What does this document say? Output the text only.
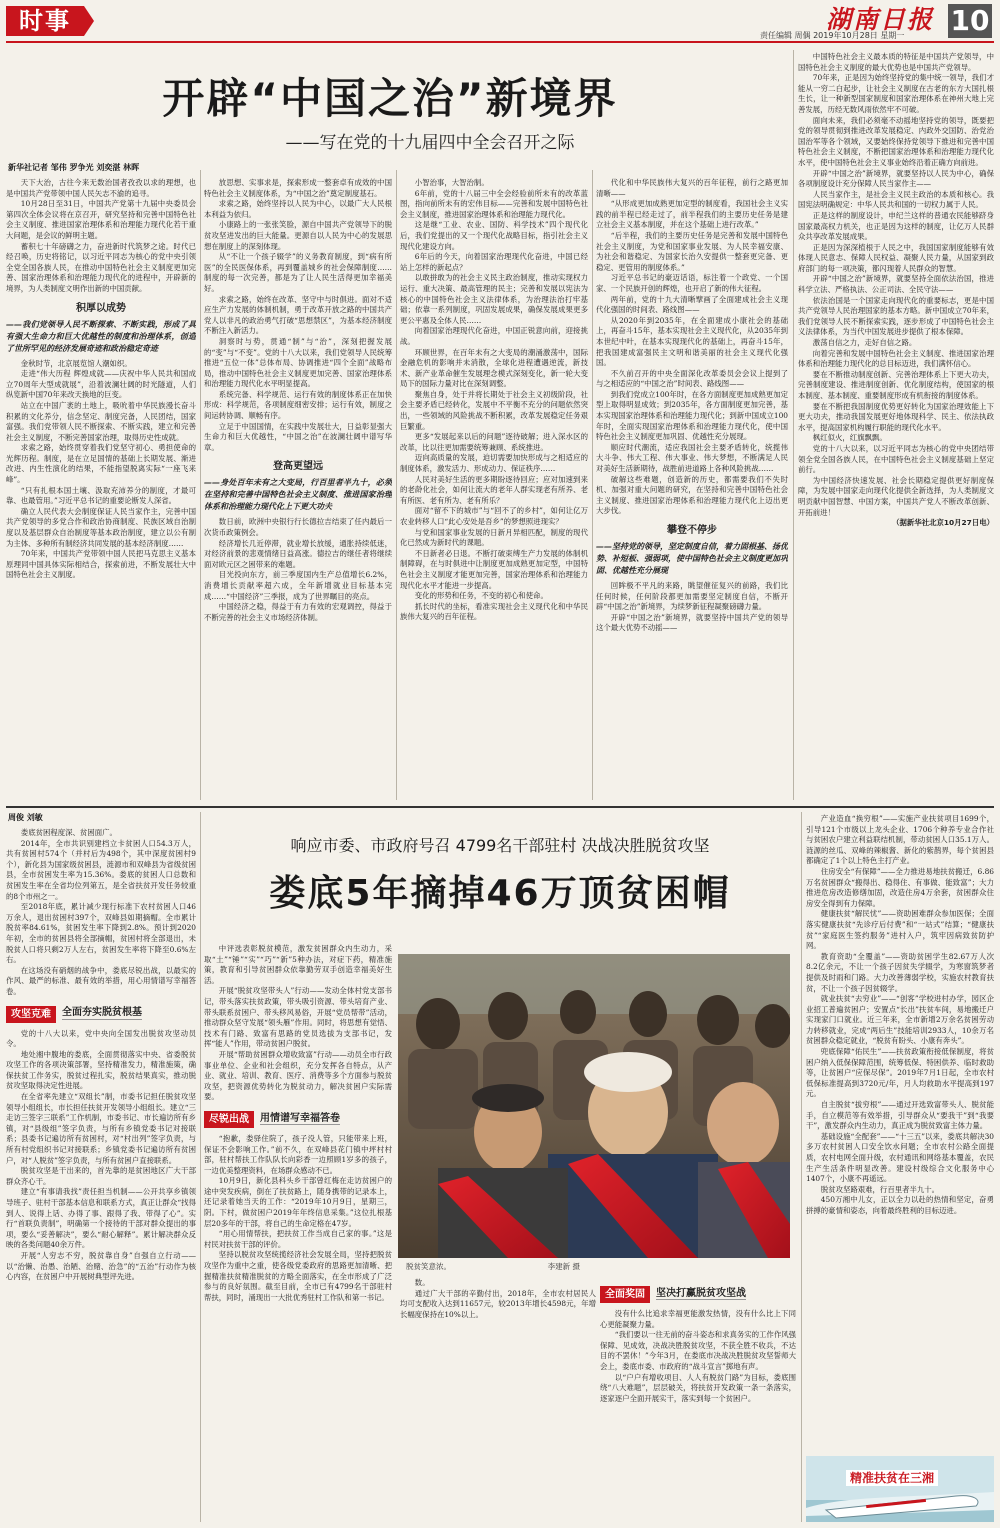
时事	湖南日报 10
责任编辑 周偶 2019年10月28日 星期一
开辟“中国之治”新境界
——写在党的十九届四中全会召开之际
新华社记者 邹伟 罗争光 刘奕湛 林晖

天下大治，古往今来无数治国者孜孜以求的理想，也是中国共产党带领中国人民矢志不渝的追寻。

10月28日至31日，中国共产党第十九届中央委员会第四次全体会议将在京召开，研究坚持和完善中国特色社会主义制度、推进国家治理体系和治理能力现代化若干重大问题，是会议的鲜明主题。

蓄积七十年磅礴之力，奋进新时代筑梦之途。时代已经召唤，历史将铭记，以习近平同志为核心的党中央引领全党全国各族人民，在推动中国特色社会主义制度更加完善、国家治理体系和治理能力现代化的进程中，开辟新的境界，为人类制度文明作出新的中国贡献。

积厚以成势

——我们党领导人民不断探索、不断实践，形成了具有强大生命力和巨大优越性的制度和治理体系，创造了世所罕见的经济发展奇迹和政治稳定奇迹

金秋时节，北京展览馆人潮如织。

走进“伟大历程 辉煌成就——庆祝中华人民共和国成立70周年大型成就展”，沿着波澜壮阔的时光隧道，人们纵览新中国70年来改天换地的巨变。

站立在中国广袤的土地上，吸吮着中华民族漫长奋斗积累的文化养分，信念坚定、制度完备，人民团结，国家富强。我们党带领人民不断探索、不断实践，建立和完善社会主义制度，不断完善国家治理，取得历史性成就。

求索之路，始终贯穿着我们党坚守初心、勇担使命的光辉历程。制度，是在立足国情的基础上长期发展、渐进改进、内生性演化的结果，不能指望脱离实际“一座飞来峰”。

“只有扎根本国土壤、汲取充沛养分的制度，才最可靠、也最管用。”习近平总书记的重要论断发人深省。

确立人民代表大会制度保证人民当家作主，完善中国共产党领导的多党合作和政治协商制度、民族区域自治制度以及基层群众自治制度等基本政治制度，建立以公有制为主体、多种所有制经济共同发展的基本经济制度……

70年来，中国共产党带领中国人民把马克思主义基本原理同中国具体实际相结合，探索前进，不断发展壮大中国特色社会主义制度。

放思想、实事求是，探索形成一整套卓有成效的中国特色社会主义制度体系，为“中国之治”奠定制度基石。

求索之路，始终坚持以人民为中心，以最广大人民根本利益为依归。

小康路上的一张张笑脸，源自中国共产党领导下的脱贫攻坚进发出的巨大能量。更源自以人民为中心的发展思想在制度上的深刻体现。

从“不让一个孩子辍学”的义务教育制度，到“病有所医”的全民医保体系，再到覆盖城乡的社会保障制度……制度的每一次完善，都是为了让人民生活得更加幸福美好。

求索之路，始终在改革、坚守中与时俱进。面对不适应生产力发展的体制机制，勇于改革开放之路的中国共产党人以非凡的政治勇气打破“思想禁区”，为基本经济制度不断注入新活力。

洞察时与势，贯通“制”与“治”，深刻把握发展的“变”与“不变”。党的十八大以来，我们党领导人民统筹推进“五位一体”总体布局、协调推进“四个全面”战略布局，推动中国特色社会主义制度更加完善、国家治理体系和治理能力现代化水平明显提高。

系统完备、科学规范、运行有效的制度体系正在加快形成：科学规范，各项制度细密安排；运行有效，制度之间运转协调、顺畅有序。

立足于中国国情，在实践中发展壮大，日益彰显强大生命力和巨大优越性，“中国之治”在波澜壮阔中谱写华章。

登高更望远

——身处百年未有之大变局，行百里者半九十，必须在坚持和完善中国特色社会主义制度、推进国家治理体系和治理能力现代化上下更大功夫

数日前，欧洲中央银行行长德拉吉结束了任内最后一次货币政策例会。

经济增长几近停滞，就业增长放缓，通胀持续低迷，对经济前景的悲观情绪日益高涨。德拉吉的继任者将继续面对欧元区之困带来的难题。

目光投向东方，前三季度国内生产总值增长6.2%，消费增长贡献率超六成，全年新增就业目标基本完成……“中国经济”三季报，成为了世界瞩目的亮点。

中国经济之稳，得益于有力有效的宏观调控，得益于不断完善的社会主义市场经济体制。

小智治事，大智治制。

6年前，党的十八届三中全会经验前所未有的改革蓝图，指向前所未有的宏伟目标——完善和发展中国特色社会主义制度，推进国家治理体系和治理能力现代化。

这是继“工业、农业、国防、科学技术”四个现代化后，我们党提出的又一个现代化战略目标，指引社会主义现代化建设方向。

6年后的今天，向着国家治理现代化奋进，中国已经站上怎样的新起点？

以敢拼敢为的社会主义民主政治制度，推动实现权力运行、重大决策、最高管理的民主；完善和发展以宪法为核心的中国特色社会主义法律体系，为治理法治打牢基础；依靠一系列制度，巩固发展成果，确保发展成果更多更公平惠及全体人民……

向着国家治理现代化奋进，中国正锐意向前，迎接挑战。

环顾世界，在百年未有之大变局的潮涌激荡中，国际金融危机的影响并未消散，全球化进程遭遇逆流，新技术、新产业革命催生发展理念模式深刻变化，新一轮大变局下的国际力量对比在深刻调整。

聚焦自身，处于并将长期处于社会主义初级阶段，社会主要矛盾已经转化，发展中不平衡不充分的问题依然突出，一些领域的风险挑战不断积累，改革发展稳定任务艰巨繁重。

更多“发展起来以后的问题”逐待破解；进入深水区的改革，比以往更加需要统筹兼顾、系统推进。

迈向高质量的发展，迫切需要加快形成与之相适应的制度体系，激发活力、形成动力、保证秩序……

人民对美好生活的更多期盼逐待回应；应对加速到来的老龄化社会，如何让流大的老年人群实现老有所养、老有所医、老有所为、老有所乐？

面对“留不下的城市”与“回不了的乡村”，如何让亿万农业转移人口“此心安处是吾乡”的梦想照进现实？

与党和国家事业发展的日新月异相匹配，制度的现代化已然成为新时代的课题。

不日新者必日退。不断打破束缚生产力发展的体制机制障碍，在与时俱进中让制度更加成熟更加定型，中国特色社会主义制度才能更加完善，国家治理体系和治理能力现代化水平才能进一步提高。

变化的形势和任务，不变的初心和使命。

抓长时代的坐标，看准实现社会主义现代化和中华民族伟大复兴的百年征程。

代化和中华民族伟大复兴的百年征程，前行之路更加清晰——

“从形成更加成熟更加定型的制度看，我国社会主义实践的前半程已经走过了，前半程我们的主要历史任务是建立社会主义基本制度，并在这个基础上进行改革。”

“后半程，我们的主要历史任务是完善和发展中国特色社会主义制度，为党和国家事业发展、为人民幸福安康、为社会和谐稳定、为国家长治久安提供一整套更完备、更稳定、更管用的制度体系。”

习近平总书记的豪迈话语，标注着一个政党、一个国家、一个民族开创的辉煌，也开启了新的伟大征程。

两年前，党的十九大清晰擘画了全面建成社会主义现代化强国的时间表、路线图——

从2020年到2035年，在全面建成小康社会的基础上，再奋斗15年，基本实现社会主义现代化，从2035年到本世纪中叶，在基本实现现代化的基础上，再奋斗15年，把我国建成富强民主文明和谐美丽的社会主义现代化强国。

不久前召开的中央全面深化改革委员会会议上提到了与之相适应的“中国之治”时间表、路线图——

到我们党成立100年时，在各方面制度更加成熟更加定型上取得明显成效；到2035年，各方面制度更加完善，基本实现国家治理体系和治理能力现代化；到新中国成立100年时，全面实现国家治理体系和治理能力现代化，使中国特色社会主义制度更加巩固、优越性充分展现。

顺应时代潮流，适应我国社会主要矛盾转化，统揽伟大斗争、伟大工程、伟大事业、伟大梦想，不断满足人民对美好生活新期待，战胜前进道路上各种风险挑战……

破解这些难题，创造新的历史，都需要我们不失时机、加强对重大问题的研究，在坚持和完善中国特色社会主义制度、推进国家治理体系和治理能力现代化上迈出更大步伐。

攀登不停步

——坚持党的领导，坚定制度自信，着力固根基、扬优势、补短板、强弱项，使中国特色社会主义制度更加巩固、优越性充分展现

回眸极不平凡的来路，眺望催征复兴的前路，我们比任何时候，任何阶段都更加需要坚定制度自信，不断开辟“中国之治”新境界，为续梦新征程凝聚磅礴力量。

开辟“中国之治”新境界，就要坚持中国共产党的领导这个最大优势不动摇——

中国特色社会主义最本质的特征是中国共产党领导，中国特色社会主义制度的最大优势也是中国共产党领导。

70年来，正是因为始终坚持党的集中统一领导，我们才能从一穷二白起步，让社会主义制度在古老的东方大国扎根生长，让一种新型国家制度和国家治理体系在神州大地上完善发展，历经无数风雨依然牢不可破。

面向未来，我们必须毫不动摇地坚持党的领导，既要把党的领导贯彻到推进改革发展稳定、内政外交国防、治党治国治军等各个领域，又要始终保持党领导下推进和完善中国特色社会主义制度，不断把国家治理体系和治理能力现代化水平，使中国特色社会主义事业始终沿着正确方向前进。

开辟“中国之治”新境界，就要坚持以人民为中心，确保各项制度设计充分保障人民当家作主——

人民当家作主，是社会主义民主政治的本质和核心。我国宪法明确规定：中华人民共和国的一切权力属于人民。

正是这样的制度设计，申纪兰这样的普通农民能够跻身国家最高权力机关，也正是因为这样的制度，让亿万人民群众共享改革发展成果。

正是因为深深植根于人民之中，我国国家制度能够有效体现人民意志、保障人民权益、凝聚人民力量，从国家到政府部门的每一项决策，都闪现着人民群众的智慧。

开辟“中国之治”新境界，就要坚持全面依法治国，推进科学立法、严格执法、公正司法、全民守法——

依法治国是一个国家走向现代化的重要标志，更是中国共产党领导人民治理国家的基本方略。新中国成立70年来，我们党领导人民不断探索实践，逐步形成了中国特色社会主义法律体系，为当代中国发展进步提供了根本保障。

激荡自信之力，走好自信之路。

向着完善和发展中国特色社会主义制度、推进国家治理体系和治理能力现代化的总目标迈进，我们满怀信心。

要在不断推动制度创新、完善治理体系上下更大功夫，完善制度建设、推进制度创新、优化制度结构，使国家的根本制度、基本制度、重要制度形成有机衔接的制度体系。

要在不断把我国制度优势更好转化为国家治理效能上下更大功夫，推动我国发展更好地体现科学、民主、依法执政水平，提高国家机构履行职能的现代化水平。

枫红似火，红旗飘飘。

党的十八大以来，以习近平同志为核心的党中央团结带领全党全国各族人民，在中国特色社会主义制度基础上坚定前行。

为中国经济快速发展、社会长期稳定提供更好制度保障，为发展中国家走向现代化提供全新选择，为人类制度文明贡献中国智慧、中国方案，中国共产党人不断改革创新、开拓前进！

（据新华社北京10月27日电）

周俊 刘敏
响应市委、市政府号召 4799名干部驻村 决战决胜脱贫攻坚
娄底5年摘掉46万顶贫困帽

娄底贫困程度深、贫困面广。

2014年，全市共识别建档立卡贫困人口54.3万人，共有贫困村574个（并村后为498个，其中深度贫困村9个），新化县为国家级贫困县，涟源市和双峰县为省级贫困县，全市贫困发生率为15.36%。娄底的贫困人口总数和贫困发生率在全省均位列第五，是全省扶贫开发任务较重的8个市州之一。

至2018年底，累计减少现行标准下农村贫困人口46万余人，退出贫困村397个，双峰县如期摘帽。全市累计脱贫率84.61%，贫困发生率下降到2.8%。预计到2020年初，全市的贫困县将全部摘帽，贫困村将全部退出，未脱贫人口将只剩2万人左右，贫困发生率将下降至0.6%左右。

在这场没有硝烟的战争中，娄底尽锐出战，以最实的作风、最严的标准、最有效的举措，用心用情谱写幸福答卷。

攻坚克难	全面夯实脱贫根基

党的十八大以来，党中央向全国发出脱贫攻坚动员令。

地处湘中腹地的娄底，全面贯彻落实中央、省委脱贫攻坚工作的各项决策部署，坚持精准发力，精准施策，确保扶贫工作务实，脱贫过程扎实，脱贫结果真实，推动脱贫攻坚取得决定性进展。

在全省率先建立“双组长”制，市委书记担任脱贫攻坚领导小组组长，市长担任扶贫开发领导小组组长。建立“三走访三签字三联系”工作机制，市委书记、市长遍访所有乡镇，对“县级组”签字负责，与所有乡镇党委书记对接联系；县委书记遍访所有贫困村，对“村出列”签字负责，与所有村党组织书记对接联系；乡镇党委书记遍访所有贫困户，对“人脱贫”签字负责，与所有贫困户直接联系。

脱贫攻坚是干出来的，首先靠的是贫困地区广大干部群众齐心干。

建立“有事请我找”责任担当机制——公开共享乡镇领导班子、驻村干部基本信息和联系方式，真正让群众“找得到人、说得上话、办得了事、跟得了我、带得了心”。实行“首联负责制”，明确第一个接待的干部对群众提出的事项，要么“妥善解决”，要么“耐心解释”。累计解决群众反映的各类问题40余万件。

开展“人穷志不穷，脱贫靠自身”自强自立行动——以“治懒、治愚、治陋、治赌、治急”的“五治”行动作为核心内容，在贫困户中开展树典型评先进。

中评选表彰脱贫模范，激发贫困群众内生动力，采取“土”“锤”“实”“巧”“新”5种办法，对症下药，精准施策，教育和引导贫困群众依靠勤劳双手创造幸福美好生活。

开展“脱贫攻坚带头人”行动——发动全体村党支部书记，带头落实扶贫政策，带头吸引资源、带头培育产业、带头联系贫困户、带头移风易俗，开展“党员帮带”活动，推动群众坚守发展“领头雁”作用。同时，将思想有觉悟、技术有门路、致富有思路的党员选拔为支部书记，发挥“能人”作用，带动贫困户脱贫。

开展“帮助贫困群众增收致富”行动——动员全市行政事业单位、企业和社会组织，充分发挥各自特点，从产业、就业、培训、教育、医疗、消费等多个方面参与脱贫攻坚，把资源优势转化为脱贫动力，解决贫困户实际需要。

尽锐出战	用情谱写幸福答卷

“抱歉，娄驿住院了，孩子没人管，只能带来上班，保证不会影响工作。”前不久，在双峰县花门镇中坪村村部，驻村帮扶工作队队长向彩香一边照顾1岁多的孩子，一边优美整理资料，在场群众感动不已。

10月9日，新化县科头乡干部曾红梅在走访贫困户的途中突发疾病，倒在了扶贫路上，随身携带的记录本上，还记录着她当天的工作：“2019年10月9日，星期三，阴。下村，做贫困户2019年年终信息采集。”这位扎根基层20多年的干部，将自己的生命定格在47岁。

“用心用情帮扶，把扶贫工作当成自己家的事。”这是村民对扶贫干部的评价。

坚持以脱贫攻坚统揽经济社会发展全局，坚持把脱贫攻坚作为重中之重，使各级党委政府的思路更加清晰、把握精准扶贫精准脱贫的方略全面落实，在全市形成了广泛参与的良好氛围。截至目前，全市已有4799名干部驻村帮扶，同时，涌现出一大批优秀驻村工作队和第一书记。

脱贫笑意浓。	李建新 摄

数。

通过广大干部的辛勤付出，2018年，全市农村居民人均可支配收入达到11657元，较2013年增长4598元，年增长幅度保持在10%以上。

全面奖固	坚决打赢脱贫攻坚战

没有什么比追求幸福更能激发热情，没有什么比上下同心更能凝聚力量。

“我们要以一往无前的奋斗姿态和求真务实的工作作风强保障、见成效，决战决胜脱贫攻坚，不获全胜不收兵，不达目的不罢休！”今年3月，在娄底市决战决胜脱贫攻坚誓师大会上，娄底市委、市政府的“战斗宣言”掷地有声。

以“户户有增收项目、人人有脱贫门路”为目标，娄底围绕“八大难题”，层层破关，将扶贫开发政策一条一条落实，逐家逐户全面开展实干，落实到每一个贫困户。

产业造血“换穷根”——实施产业扶贫项目1699个，引导121个市级以上龙头企业、1706个种养专业合作社与贫困农户建立利益联结机制，带动贫困人口35.1万人。涟源的丝瓜、双峰的辣椒酱、新化的紫鹊界，每个贫困县都确定了1个以上特色主打产业。

住房安全“有保障”——全力推进易地扶贫搬迁，6.86万名贫困群众“搬得出、稳得住、有事做、能致富”；大力推进危房改造修缮加固，改造住房4万余套，贫困群众住房安全得到有力保障。

健康扶贫“解民忧”——资助困难群众参加医保；全面落实健康扶贫“先诊疗后付费”和“一站式”结算；“健康扶贫”“家庭医生签约服务”进村入户，筑牢因病致贫防护网。

教育资助“全覆盖”——资助贫困学生82.67万人次8.2亿余元，不让一个孩子因贫失学辍学，为寒窗筑梦者提供及时雨和门路。大力改善薄弱学校，实施农村教育扶贫，不让一个孩子因贫辍学。

就业扶贫“去穷业”——“创客”学校进村办学，园区企业招工普遍贫困户；安置点“长出”扶贫车间，易地搬迁户实现家门口就业。近三年来，全市新增2万余名贫困劳动力转移就业，完成“两后生”技能培训2933人，10余万名贫困群众稳定就业，“脱贫有盼头、小康有奔头”。

兜底保障“佑民生”——扶贫政策衔接低保制度，将贫困户纳入低保保障范围，统筹低保、特困供养、临时救助等，让贫困户“应保尽保”。2019年7月1日起，全市农村低保标准提高到3720元/年，月人均救助水平提高到197元。

自主脱贫“拔穷根”——通过开选致富带头人、脱贫能手，自立模范等有效举措，引导群众从“要我干”到“我要干”，激发群众内生动力，真正成为脱贫致富主体力量。

基础设施“全配套”——“十三五”以来，娄底共解决30多万农村贫困人口安全饮水问题；全市农村公路全面提质，农村电网全面升级，农村通讯和网络基本覆盖，农民生产生活条件明显改善。建设村级综合文化服务中心1407个，小康不再遥远。

脱贫攻坚路艰难，行百里者半九十。

450万湘中儿女，正以全力以赴的热情和坚定，奋勇拼搏的豪情和姿态，向着最终胜利的目标迈进。

精准扶贫在三湘
